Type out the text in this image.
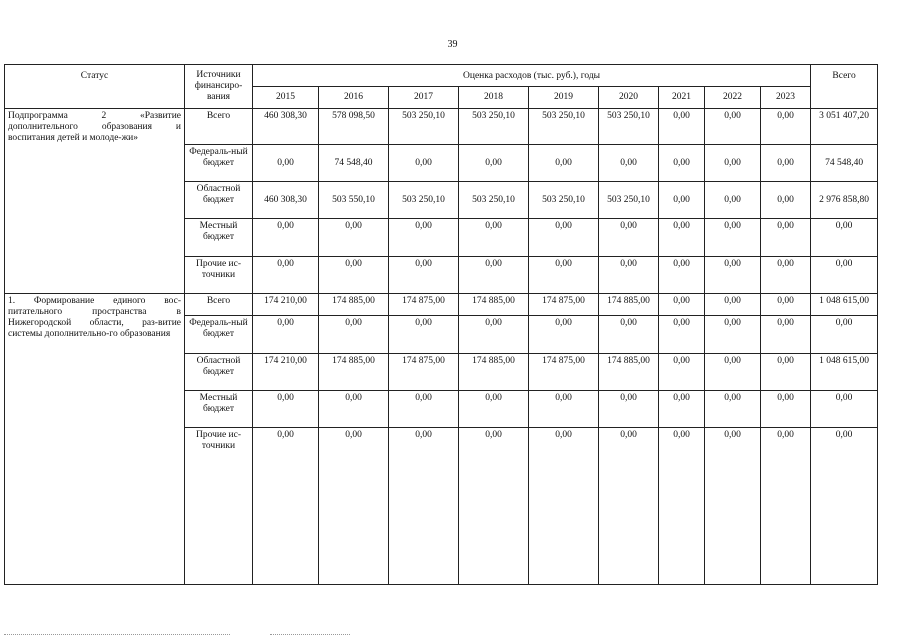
39
Статус	Источники финансиро-вания	Оценка расходов (тыс. руб.), годы									Всего
		2015	2016	2017	2018	2019	2020	2021	2022	2023	
Подпрограмма 2 «Развитие дополнительного образования и воспитания детей и молоде-жи»	Всего	460 308,30	578 098,50	503 250,10	503 250,10	503 250,10	503 250,10	0,00	0,00	0,00	3 051 407,20
	Федераль-ный бюджет	0,00	74 548,40	0,00	0,00	0,00	0,00	0,00	0,00	0,00	74 548,40
	Областной бюджет	460 308,30	503 550,10	503 250,10	503 250,10	503 250,10	503 250,10	0,00	0,00	0,00	2 976 858,80
	Местный бюджет	0,00	0,00	0,00	0,00	0,00	0,00	0,00	0,00	0,00	0,00
	Прочие ис-точники	0,00	0,00	0,00	0,00	0,00	0,00	0,00	0,00	0,00	0,00
1. Формирование единого вос-питательного пространства в Нижегородской области, раз-витие системы дополнительно-го образования	Всего	174 210,00	174 885,00	174 875,00	174 885,00	174 875,00	174 885,00	0,00	0,00	0,00	1 048 615,00
	Федераль-ный бюджет	0,00	0,00	0,00	0,00	0,00	0,00	0,00	0,00	0,00	0,00
	Областной бюджет	174 210,00	174 885,00	174 875,00	174 885,00	174 875,00	174 885,00	0,00	0,00	0,00	1 048 615,00
	Местный бюджет	0,00	0,00	0,00	0,00	0,00	0,00	0,00	0,00	0,00	0,00
	Прочие ис-точники	0,00	0,00	0,00	0,00	0,00	0,00	0,00	0,00	0,00	0,00
